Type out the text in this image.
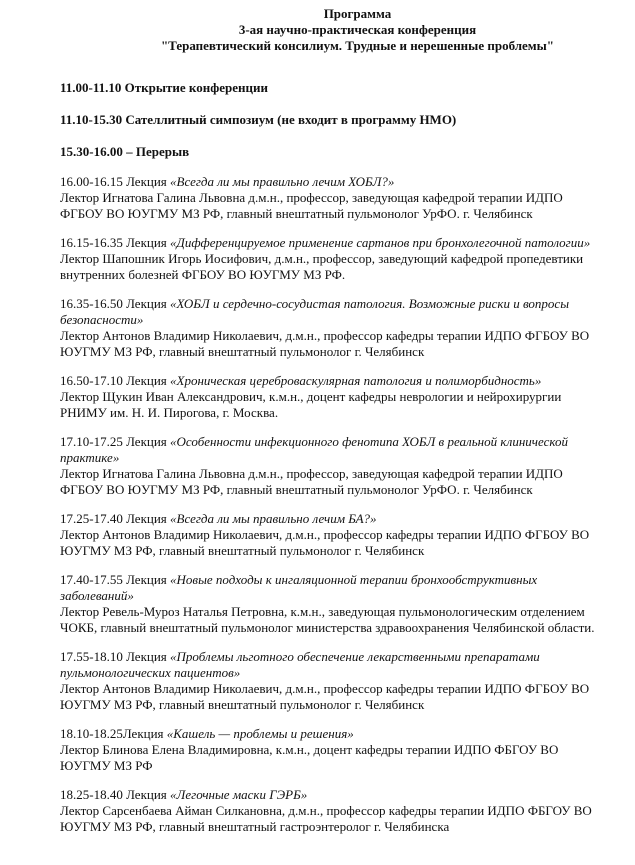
Программа
3-ая научно-практическая конференция
"Терапевтический консилиум. Трудные и нерешенные проблемы"
11.00-11.10 Открытие конференции
11.10-15.30 Сателлитный симпозиум (не входит в программу НМО)
15.30-16.00 – Перерыв
16.00-16.15 Лекция «Всегда ли мы правильно лечим ХОБЛ?»
Лектор Игнатова Галина Львовна д.м.н., профессор, заведующая кафедрой терапии ИДПО ФГБОУ ВО ЮУГМУ МЗ РФ, главный внештатный пульмонолог УрФО. г. Челябинск
16.15-16.35 Лекция «Дифференцируемое применение сартанов при бронхолегочной патологии»
Лектор Шапошник Игорь Иосифович, д.м.н., профессор, заведующий кафедрой пропедевтики внутренних болезней ФГБОУ ВО ЮУГМУ МЗ РФ.
16.35-16.50 Лекция «ХОБЛ и сердечно-сосудистая патология. Возможные риски и вопросы безопасности»
Лектор Антонов Владимир Николаевич, д.м.н., профессор кафедры терапии ИДПО ФГБОУ ВО ЮУГМУ МЗ РФ, главный внештатный пульмонолог г. Челябинск
16.50-17.10 Лекция «Хроническая цереброваскулярная патология и полиморбидность»
Лектор Щукин Иван Александрович, к.м.н., доцент кафедры неврологии и нейрохирургии РНИМУ им. Н. И. Пирогова, г. Москва.
17.10-17.25 Лекция «Особенности инфекционного фенотипа ХОБЛ в реальной клинической практике»
Лектор Игнатова Галина Львовна д.м.н., профессор, заведующая кафедрой терапии ИДПО ФГБОУ ВО ЮУГМУ МЗ РФ, главный внештатный пульмонолог УрФО. г. Челябинск
17.25-17.40 Лекция «Всегда ли мы правильно лечим БА?»
Лектор Антонов Владимир Николаевич, д.м.н., профессор кафедры терапии ИДПО ФГБОУ ВО ЮУГМУ МЗ РФ, главный внештатный пульмонолог г. Челябинск
17.40-17.55 Лекция «Новые подходы к ингаляционной терапии бронхообструктивных заболеваний»
Лектор Ревель-Муроз Наталья Петровна, к.м.н., заведующая пульмонологическим отделением ЧОКБ, главный внештатный пульмонолог министерства здравоохранения Челябинской области.
17.55-18.10 Лекция «Проблемы льготного обеспечение лекарственными препаратами пульмонологических пациентов»
Лектор Антонов Владимир Николаевич, д.м.н., профессор кафедры терапии ИДПО ФГБОУ ВО ЮУГМУ МЗ РФ, главный внештатный пульмонолог г. Челябинск
18.10-18.25Лекция «Кашель — проблемы и решения»
Лектор Блинова Елена Владимировна, к.м.н., доцент кафедры терапии ИДПО ФБГОУ ВО ЮУГМУ МЗ РФ
18.25-18.40 Лекция «Легочные маски ГЭРБ»
Лектор Сарсенбаева Айман Силкановна, д.м.н., профессор кафедры терапии ИДПО ФБГОУ ВО ЮУГМУ МЗ РФ, главный внештатный гастроэнтеролог г. Челябинска
